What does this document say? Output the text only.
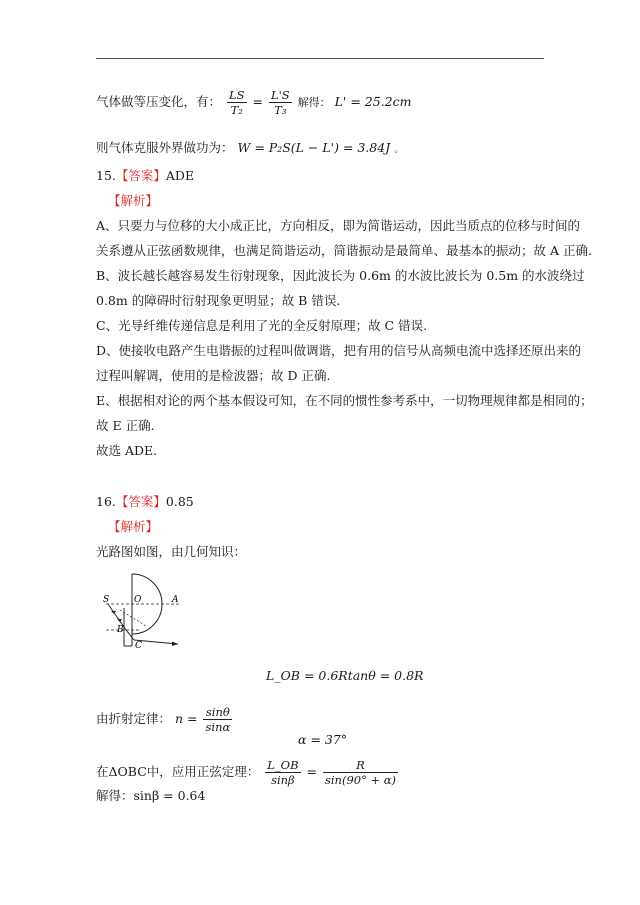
气体做等压变化，有： $\frac{LS}{\text{T₂}} = \frac{L'S}{\text{T₃}}$ 解得： L' = 25.2cm
则气体克服外界做功为： W = P₂S(L − L') = 3.84J 。
15.【答案】ADE
【解析】
A、只要力与位移的大小成正比，方向相反，即为简谐运动，因此当质点的位移与时间的
关系遵从正弦函数规律，也满足简谐运动，简谐振动是最简单、最基本的振动；故 A 正确.
B、波长越长越容易发生衍射现象，因此波长为 0.6m 的水波比波长为 0.5m 的水波绕过
0.8m 的障碍时衍射现象更明显；故 B 错误.
C、光导纤维传递信息是利用了光的全反射原理；故 C 错误.
D、使接收电路产生电谐振的过程叫做调谐，把有用的信号从高频电流中选择还原出来的
过程叫解调，使用的是检波器；故 D 正确.
E、根据相对论的两个基本假设可知，在不同的惯性参考系中，一切物理规律都是相同的；
故 E 正确.
故选 ADE.
16.【答案】0.85
【解析】
光路图如图，由几何知识：
S	O	A
B
C
L_OB = 0.6Rtanθ = 0.8R
由折射定律： $n = \frac{\sin\theta}{\sin\alpha}$
α = 37°
在ΔOBC中，应用正弦定理： $\frac{L\_OB}{\sin\beta} = \frac{R}{\sin(90^\circ + \alpha)}$
解得：sinβ = 0.64
